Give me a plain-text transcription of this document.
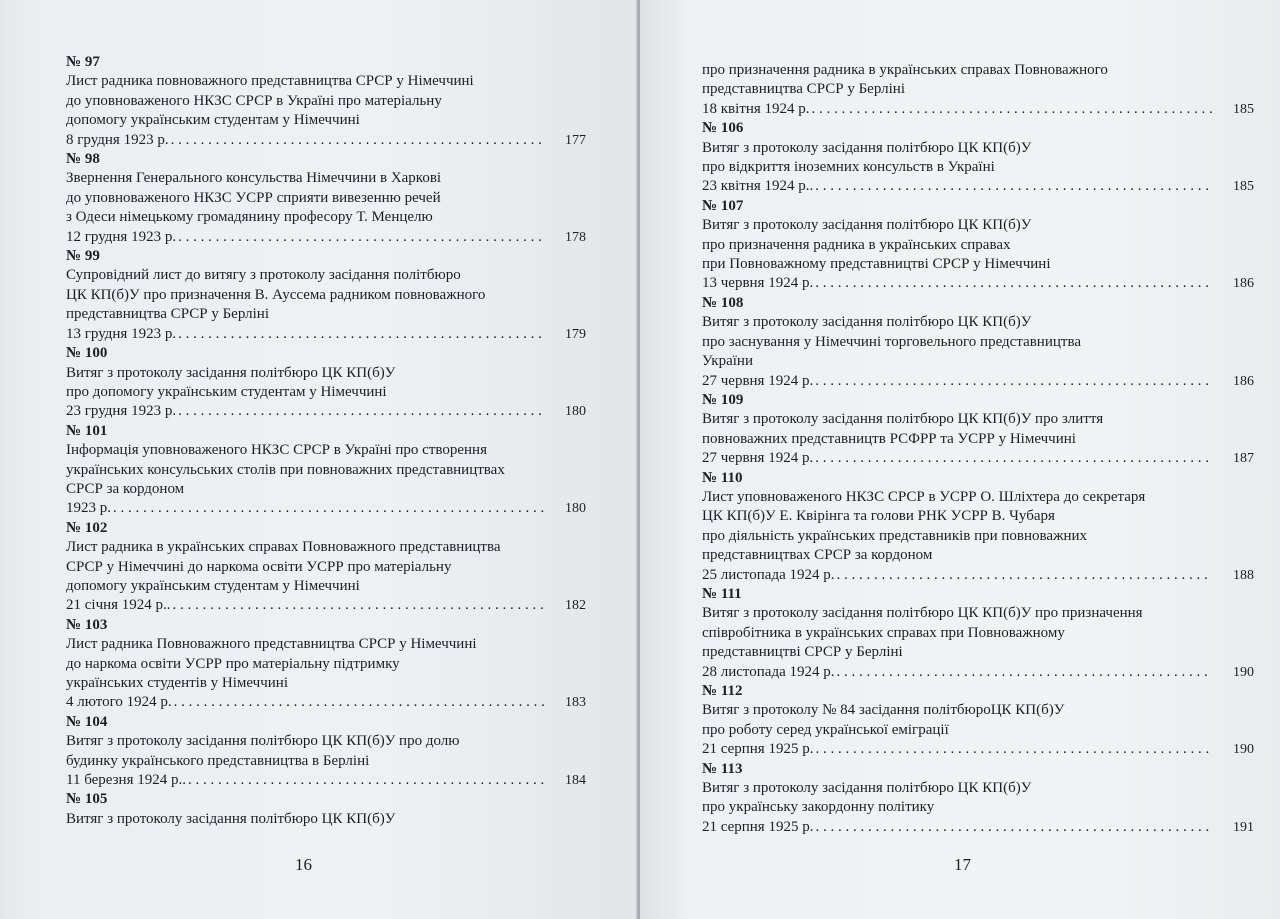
№ 97
Лист радника повноважного представництва СРСР у Німеччині
до уповноваженого НКЗС СРСР в Україні про матеріальну
допомогу українським студентам у Німеччині
8 грудня 1923 р. . . .	177
№ 98
Звернення Генерального консульства Німеччини в Харкові
до уповноваженого НКЗС УСРР сприяти вивезенню речей
з Одеси німецькому громадянину професору Т. Менцелю
12 грудня 1923 р. . . .	178
№ 99
Супровідний лист до витягу з протоколу засідання політбюро
ЦК КП(б)У про призначення В. Ауссема радником повноважного
представництва СРСР у Берліні
13 грудня 1923 р. . . .	179
№ 100
Витяг з протоколу засідання політбюро ЦК КП(б)У
про допомогу українським студентам у Німеччині
23 грудня 1923 р. . . .	180
№ 101
Інформація уповноваженого НКЗС СРСР в Україні про створення
українських консульських столів при повноважних представництвах
СРСР за кордоном
1923 р. . . .	180
№ 102
Лист радника в українських справах Повноважного представництва
СРСР у Німеччині до наркома освіти УСРР про матеріальну
допомогу українським студентам у Німеччині
21 січня 1924 р.. . . .	182
№ 103
Лист радника Повноважного представництва СРСР у Німеччині
до наркома освіти УСРР про матеріальну підтримку
українських студентів у Німеччині
4 лютого 1924 р. . . .	183
№ 104
Витяг з протоколу засідання політбюро ЦК КП(б)У про долю
будинку українського представництва в Берліні
11 березня 1924 р.. . . .	184
№ 105
Витяг з протоколу засідання політбюро ЦК КП(б)У
16
про призначення радника в українських справах Повноважного
представництва СРСР у Берліні
18 квітня 1924 р. . . .	185
№ 106
Витяг з протоколу засідання політбюро ЦК КП(б)У
про відкриття іноземних консульств в Україні
23 квітня 1924 р.. . . .	185
№ 107
Витяг з протоколу засідання політбюро ЦК КП(б)У
про призначення радника в українських справах
при Повноважному представництві СРСР у Німеччині
13 червня 1924 р. . . .	186
№ 108
Витяг з протоколу засідання політбюро ЦК КП(б)У
про заснування у Німеччині торговельного представництва
України
27 червня 1924 р. . . .	186
№ 109
Витяг з протоколу засідання політбюро ЦК КП(б)У про злиття
повноважних представництв РСФРР та УСРР у Німеччині
27 червня 1924 р. . . .	187
№ 110
Лист уповноваженого НКЗС СРСР в УСРР О. Шліхтера до секретаря
ЦК КП(б)У Е. Квірінга та голови РНК УСРР В. Чубаря
про діяльність українських представників при повноважних
представництвах СРСР за кордоном
25 листопада 1924 р. . . .	188
№ 111
Витяг з протоколу засідання політбюро ЦК КП(б)У про призначення
співробітника в українських справах при Повноважному
представництві СРСР у Берліні
28 листопада 1924 р. . . .	190
№ 112
Витяг з протоколу № 84 засідання політбюроЦК КП(б)У
про роботу серед української еміграції
21 серпня 1925 р. . . .	190
№ 113
Витяг з протоколу засідання політбюро ЦК КП(б)У
про українську закордонну політику
21 серпня 1925 р. . . .	191
17
